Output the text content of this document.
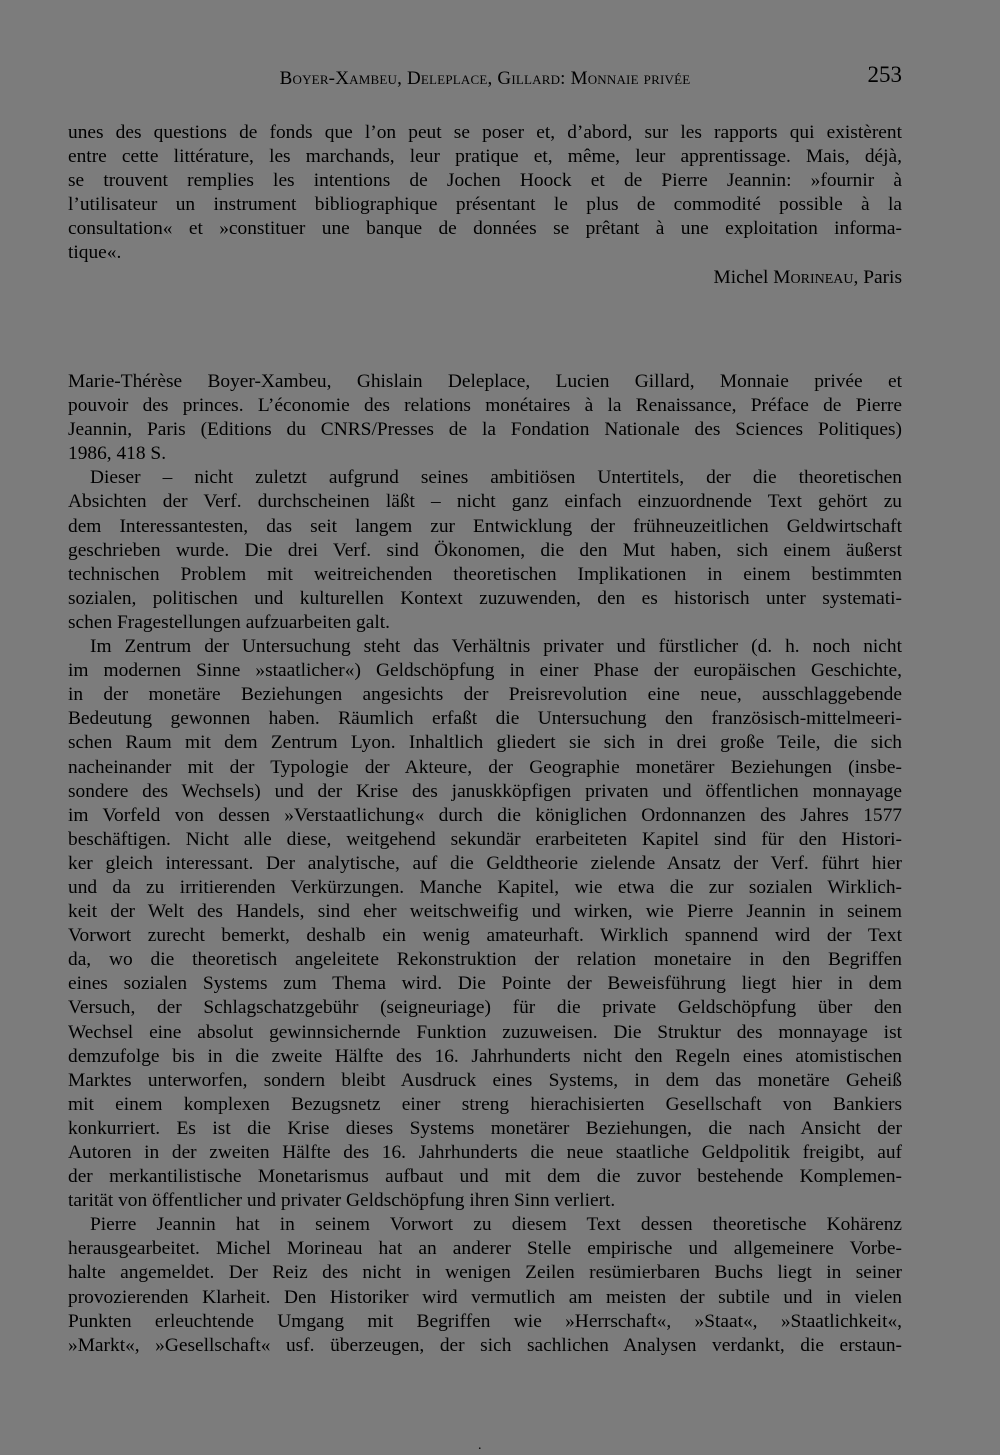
Boyer-Xambeu, Deleplace, Gillard: Monnaie privée	253

unes des questions de fonds que l’on peut se poser et, d’abord, sur les rapports qui existèrent

entre cette littérature, les marchands, leur pratique et, même, leur apprentissage. Mais, déjà,

se trouvent remplies les intentions de Jochen Hoock et de Pierre Jeannin: »fournir à

l’utilisateur un instrument bibliographique présentant le plus de commodité possible à la

consultation« et »constituer une banque de données se prêtant à une exploitation informa-

tique«.

Michel Morineau, Paris

Marie-Thérèse Boyer-Xambeu, Ghislain Deleplace, Lucien Gillard, Monnaie privée et

pouvoir des princes. L’économie des relations monétaires à la Renaissance, Préface de Pierre

Jeannin, Paris (Editions du CNRS/Presses de la Fondation Nationale des Sciences Politiques)

1986, 418 S.

Dieser – nicht zuletzt aufgrund seines ambitiösen Untertitels, der die theoretischen

Absichten der Verf. durchscheinen läßt – nicht ganz einfach einzuordnende Text gehört zu

dem Interessantesten, das seit langem zur Entwicklung der frühneuzeitlichen Geldwirtschaft

geschrieben wurde. Die drei Verf. sind Ökonomen, die den Mut haben, sich einem äußerst

technischen Problem mit weitreichenden theoretischen Implikationen in einem bestimmten

sozialen, politischen und kulturellen Kontext zuzuwenden, den es historisch unter systemati-

schen Fragestellungen aufzuarbeiten galt.

Im Zentrum der Untersuchung steht das Verhältnis privater und fürstlicher (d. h. noch nicht

im modernen Sinne »staatlicher«) Geldschöpfung in einer Phase der europäischen Geschichte,

in der monetäre Beziehungen angesichts der Preisrevolution eine neue, ausschlaggebende

Bedeutung gewonnen haben. Räumlich erfaßt die Untersuchung den französisch-mittelmeeri-

schen Raum mit dem Zentrum Lyon. Inhaltlich gliedert sie sich in drei große Teile, die sich

nacheinander mit der Typologie der Akteure, der Geographie monetärer Beziehungen (insbe-

sondere des Wechsels) und der Krise des januskköpfigen privaten und öffentlichen monnayage

im Vorfeld von dessen »Verstaatlichung« durch die königlichen Ordonnanzen des Jahres 1577

beschäftigen. Nicht alle diese, weitgehend sekundär erarbeiteten Kapitel sind für den Histori-

ker gleich interessant. Der analytische, auf die Geldtheorie zielende Ansatz der Verf. führt hier

und da zu irritierenden Verkürzungen. Manche Kapitel, wie etwa die zur sozialen Wirklich-

keit der Welt des Handels, sind eher weitschweifig und wirken, wie Pierre Jeannin in seinem

Vorwort zurecht bemerkt, deshalb ein wenig amateurhaft. Wirklich spannend wird der Text

da, wo die theoretisch angeleitete Rekonstruktion der relation monetaire in den Begriffen

eines sozialen Systems zum Thema wird. Die Pointe der Beweisführung liegt hier in dem

Versuch, der Schlagschatzgebühr (seigneuriage) für die private Geldschöpfung über den

Wechsel eine absolut gewinnsichernde Funktion zuzuweisen. Die Struktur des monnayage ist

demzufolge bis in die zweite Hälfte des 16. Jahrhunderts nicht den Regeln eines atomistischen

Marktes unterworfen, sondern bleibt Ausdruck eines Systems, in dem das monetäre Geheiß

mit einem komplexen Bezugsnetz einer streng hierachisierten Gesellschaft von Bankiers

konkurriert. Es ist die Krise dieses Systems monetärer Beziehungen, die nach Ansicht der

Autoren in der zweiten Hälfte des 16. Jahrhunderts die neue staatliche Geldpolitik freigibt, auf

der merkantilistische Monetarismus aufbaut und mit dem die zuvor bestehende Komplemen-

tarität von öffentlicher und privater Geldschöpfung ihren Sinn verliert.

Pierre Jeannin hat in seinem Vorwort zu diesem Text dessen theoretische Kohärenz

herausgearbeitet. Michel Morineau hat an anderer Stelle empirische und allgemeinere Vorbe-

halte angemeldet. Der Reiz des nicht in wenigen Zeilen resümierbaren Buchs liegt in seiner

provozierenden Klarheit. Den Historiker wird vermutlich am meisten der subtile und in vielen

Punkten erleuchtende Umgang mit Begriffen wie »Herrschaft«, »Staat«, »Staatlichkeit«,

»Markt«, »Gesellschaft« usf. überzeugen, der sich sachlichen Analysen verdankt, die erstaun-

.
